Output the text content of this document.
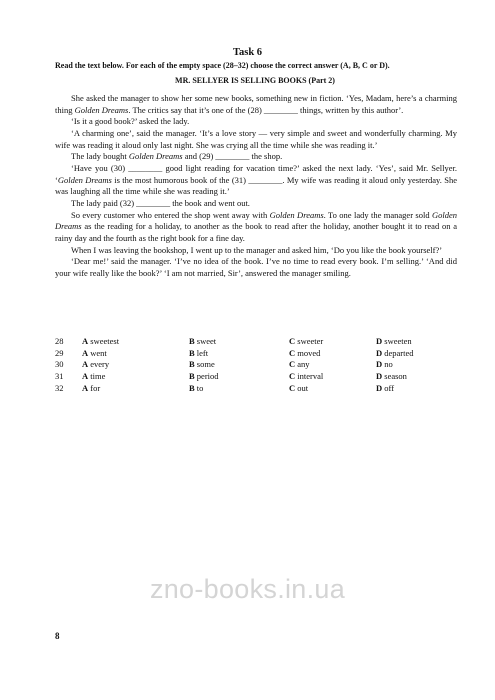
Task 6
Read the text below. For each of the empty space (28–32) choose the correct answer (A, B, C or D).
MR. SELLYER IS SELLING BOOKS (Part 2)

She asked the manager to show her some new books, something new in fiction. ‘Yes, Madam, here’s a charming thing Golden Dreams. The critics say that it’s one of the (28) ________ things, written by this author’.

‘Is it a good book?’ asked the lady.

‘A charming one’, said the manager. ‘It’s a love story — very simple and sweet and wonderfully charming. My wife was reading it aloud only last night. She was crying all the time while she was reading it.’

The lady bought Golden Dreams and (29) ________ the shop.

‘Have you (30) ________ good light reading for vacation time?’ asked the next lady. ‘Yes’, said Mr. Sellyer. ‘Golden Dreams is the most humorous book of the (31) ________. My wife was reading it aloud only yesterday. She was laughing all the time while she was reading it.’

The lady paid (32) ________ the book and went out.

So every customer who entered the shop went away with Golden Dreams. To one lady the manager sold Golden Dreams as the reading for a holiday, to another as the book to read after the holiday, another bought it to read on a rainy day and the fourth as the right book for a fine day.

When I was leaving the bookshop, I went up to the manager and asked him, ‘Do you like the book yourself?’

‘Dear me!’ said the manager. ‘I’ve no idea of the book. I’ve no time to read every book. I’m selling.’ ‘And did your wife really like the book?’ ‘I am not married, Sir’, answered the manager smiling.

28	A sweetest	B sweet	C sweeter	D sweeten
29	A went	B left	C moved	D departed
30	A every	B some	C any	D no
31	A time	B period	C interval	D season
32	A for	B to	C out	D off
zno-books.in.ua
8
